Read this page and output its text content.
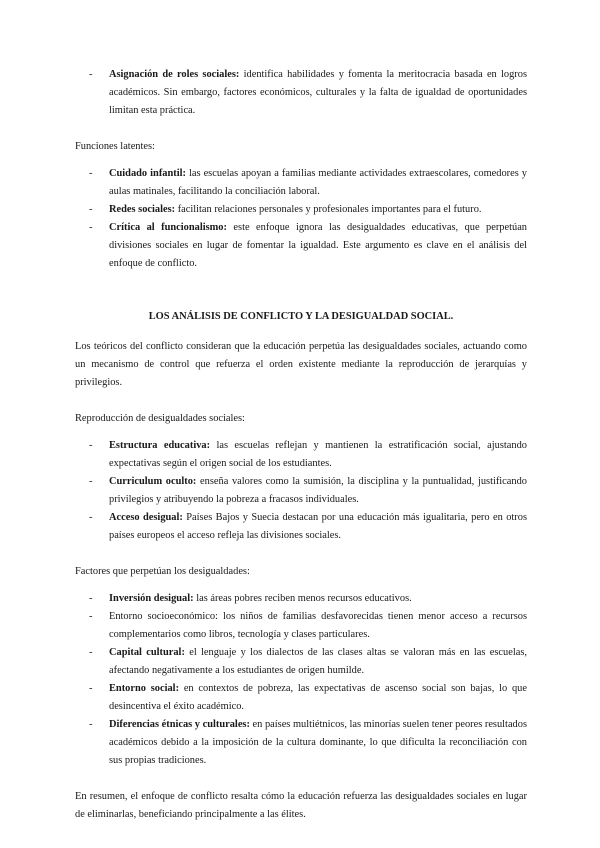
- Asignación de roles sociales: identifica habilidades y fomenta la meritocracia basada en logros académicos. Sin embargo, factores económicos, culturales y la falta de igualdad de oportunidades limitan esta práctica.

Funciones latentes:

- Cuidado infantil: las escuelas apoyan a familias mediante actividades extraescolares, comedores y aulas matinales, facilitando la conciliación laboral.
- Redes sociales: facilitan relaciones personales y profesionales importantes para el futuro.
- Crítica al funcionalismo: este enfoque ignora las desigualdades educativas, que perpetúan divisiones sociales en lugar de fomentar la igualdad. Este argumento es clave en el análisis del enfoque de conflicto.
LOS ANÁLISIS DE CONFLICTO Y LA DESIGUALDAD SOCIAL.

Los teóricos del conflicto consideran que la educación perpetúa las desigualdades sociales, actuando como un mecanismo de control que refuerza el orden existente mediante la reproducción de jerarquías y privilegios.

Reproducción de desigualdades sociales:

- Estructura educativa: las escuelas reflejan y mantienen la estratificación social, ajustando expectativas según el origen social de los estudiantes.
- Curriculum oculto: enseña valores como la sumisión, la disciplina y la puntualidad, justificando privilegios y atribuyendo la pobreza a fracasos individuales.
- Acceso desigual: Países Bajos y Suecia destacan por una educación más igualitaria, pero en otros países europeos el acceso refleja las divisiones sociales.

Factores que perpetúan los desigualdades:

- Inversión desigual: las áreas pobres reciben menos recursos educativos.
- Entorno socioeconómico: los niños de familias desfavorecidas tienen menor acceso a recursos complementarios como libros, tecnología y clases particulares.
- Capital cultural: el lenguaje y los dialectos de las clases altas se valoran más en las escuelas, afectando negativamente a los estudiantes de origen humilde.
- Entorno social: en contextos de pobreza, las expectativas de ascenso social son bajas, lo que desincentiva el éxito académico.
- Diferencias étnicas y culturales: en países multiétnicos, las minorías suelen tener peores resultados académicos debido a la imposición de la cultura dominante, lo que dificulta la reconciliación con sus propias tradiciones.

En resumen, el enfoque de conflicto resalta cómo la educación refuerza las desigualdades sociales en lugar de eliminarlas, beneficiando principalmente a las élites.
